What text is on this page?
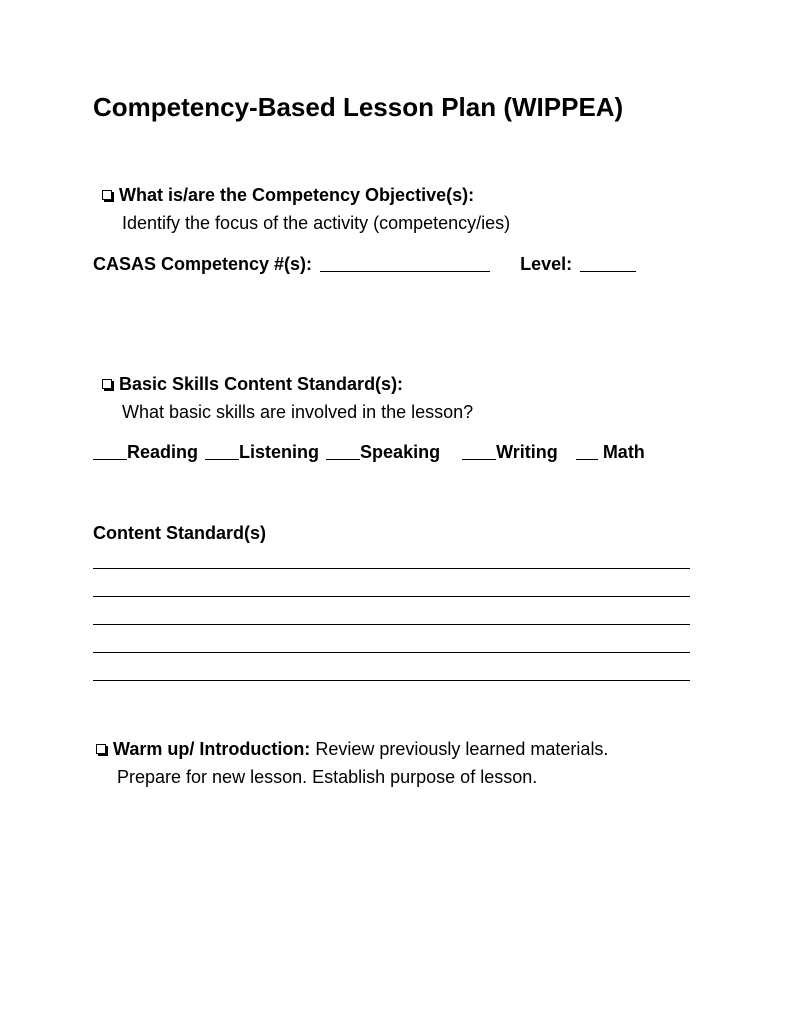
Competency-Based Lesson Plan (WIPPEA)
What is/are the Competency Objective(s):
Identify the focus of the activity (competency/ies)
CASAS Competency #(s):	Level:
Basic Skills Content Standard(s):
What basic skills are involved in the lesson?
Reading Listening Speaking	Writing	Math
Content Standard(s)
Warm up/ Introduction: Review previously learned materials.
Prepare for new lesson. Establish purpose of lesson.
